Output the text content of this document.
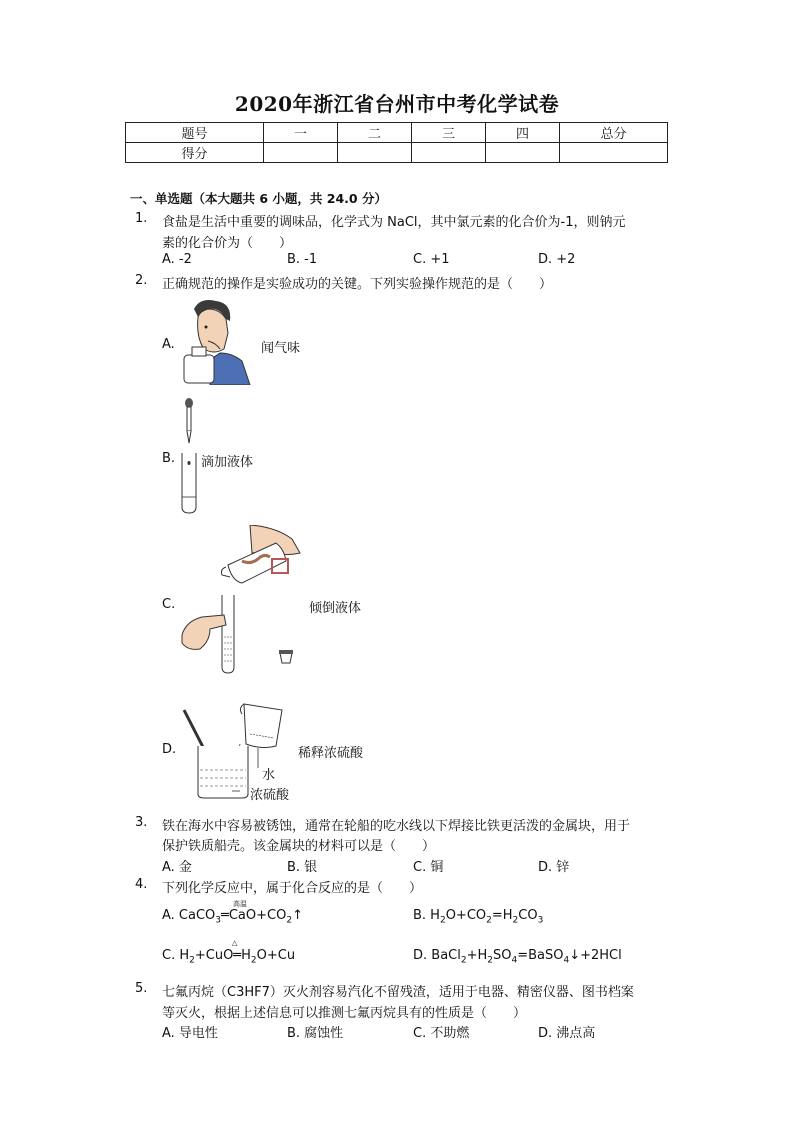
2020年浙江省台州市中考化学试卷
题号	一	二	三	四	总分
得分					
一、单选题（本大题共 6 小题，共 24.0 分）
1. 食盐是生活中重要的调味品，化学式为 NaCl，其中氯元素的化合价为-1，则钠元
素的化合价为（　　）
A. -2	B. -1	C. +1	D. +2
2. 正确规范的操作是实验成功的关键。下列实验操作规范的是（　　）
A.	闻气味
B. 滴加液体
C.	倾倒液体
D.	稀释浓硫酸
水
浓硫酸
3. 铁在海水中容易被锈蚀，通常在轮船的吃水线以下焊接比铁更活泼的金属块，用于
保护铁质船壳。该金属块的材料可以是（　　）
A. 金	B. 银	C. 铜	D. 锌
4. 下列化学反应中，属于化合反应的是（　　）
高温
A. $CaCO_3═CaO+CO_2↑$	B. $H_2O+CO_2=H_2CO_3$
△
C. $H_2+CuO═H_2O+Cu$	D. $BaCl_2+H_2SO_4=BaSO_4↓+2HCl$
5. 七氟丙烷（C3HF7）灭火剂容易汽化不留残渣，适用于电器、精密仪器、图书档案
等灭火，根据上述信息可以推测七氟丙烷具有的性质是（　　）
A. 导电性	B. 腐蚀性	C. 不助燃	D. 沸点高
